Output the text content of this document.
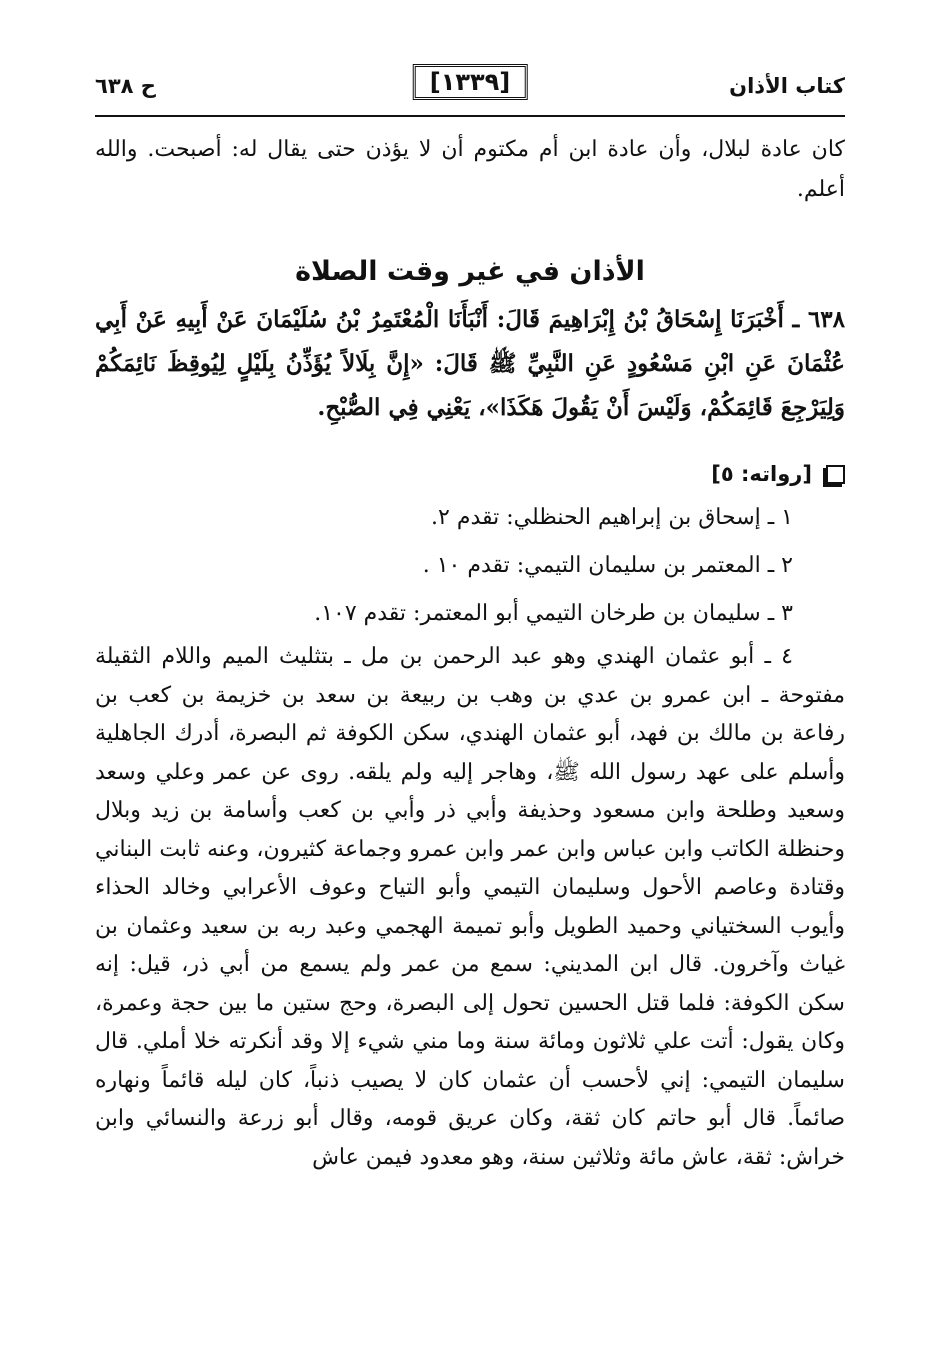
كتاب الأذان
[١٣٣٩]
ح ٦٣٨

كان عادة لبلال، وأن عادة ابن أم مكتوم أن لا يؤذن حتى يقال له: أصبحت. والله أعلم.

الأذان في غير وقت الصلاة

٦٣٨ ـ أَخْبَرَنَا إِسْحَاقُ بْنُ إِبْرَاهِيمَ قَالَ: أَنْبَأَنَا الْمُعْتَمِرُ بْنُ سُلَيْمَانَ عَنْ أَبِيهِ عَنْ أَبِي عُثْمَانَ عَنِ ابْنِ مَسْعُودٍ عَنِ النَّبِيِّ ﷺ قَالَ: «إِنَّ بِلَالاً يُؤَذِّنُ بِلَيْلٍ لِيُوقِظَ نَائِمَكُمْ وَلِيَرْجِعَ قَائِمَكُمْ، وَلَيْسَ أَنْ يَقُولَ هَكَذَا»، يَعْنِي فِي الصُّبْحِ.

[رواته: ٥]
١ ـ إسحاق بن إبراهيم الحنظلي: تقدم ٢.
٢ ـ المعتمر بن سليمان التيمي: تقدم ١٠ .
٣ ـ سليمان بن طرخان التيمي أبو المعتمر: تقدم ١٠٧.

٤ ـ أبو عثمان الهندي وهو عبد الرحمن بن مل ـ بتثليث الميم واللام الثقيلة مفتوحة ـ ابن عمرو بن عدي بن وهب بن ربيعة بن سعد بن خزيمة بن كعب بن رفاعة بن مالك بن فهد، أبو عثمان الهندي، سكن الكوفة ثم البصرة، أدرك الجاهلية وأسلم على عهد رسول الله ﷺ، وهاجر إليه ولم يلقه. روى عن عمر وعلي وسعد وسعيد وطلحة وابن مسعود وحذيفة وأبي ذر وأبي بن كعب وأسامة بن زيد وبلال وحنظلة الكاتب وابن عباس وابن عمر وابن عمرو وجماعة كثيرون، وعنه ثابت البناني وقتادة وعاصم الأحول وسليمان التيمي وأبو التياح وعوف الأعرابي وخالد الحذاء وأيوب السختياني وحميد الطويل وأبو تميمة الهجمي وعبد ربه بن سعيد وعثمان بن غياث وآخرون. قال ابن المديني: سمع من عمر ولم يسمع من أبي ذر، قيل: إنه سكن الكوفة: فلما قتل الحسين تحول إلى البصرة، وحج ستين ما بين حجة وعمرة، وكان يقول: أتت علي ثلاثون ومائة سنة وما مني شيء إلا وقد أنكرته خلا أملي. قال سليمان التيمي: إني لأحسب أن عثمان كان لا يصيب ذنباً، كان ليله قائماً ونهاره صائماً. قال أبو حاتم كان ثقة، وكان عريق قومه، وقال أبو زرعة والنسائي وابن خراش: ثقة، عاش مائة وثلاثين سنة، وهو معدود فيمن عاش
